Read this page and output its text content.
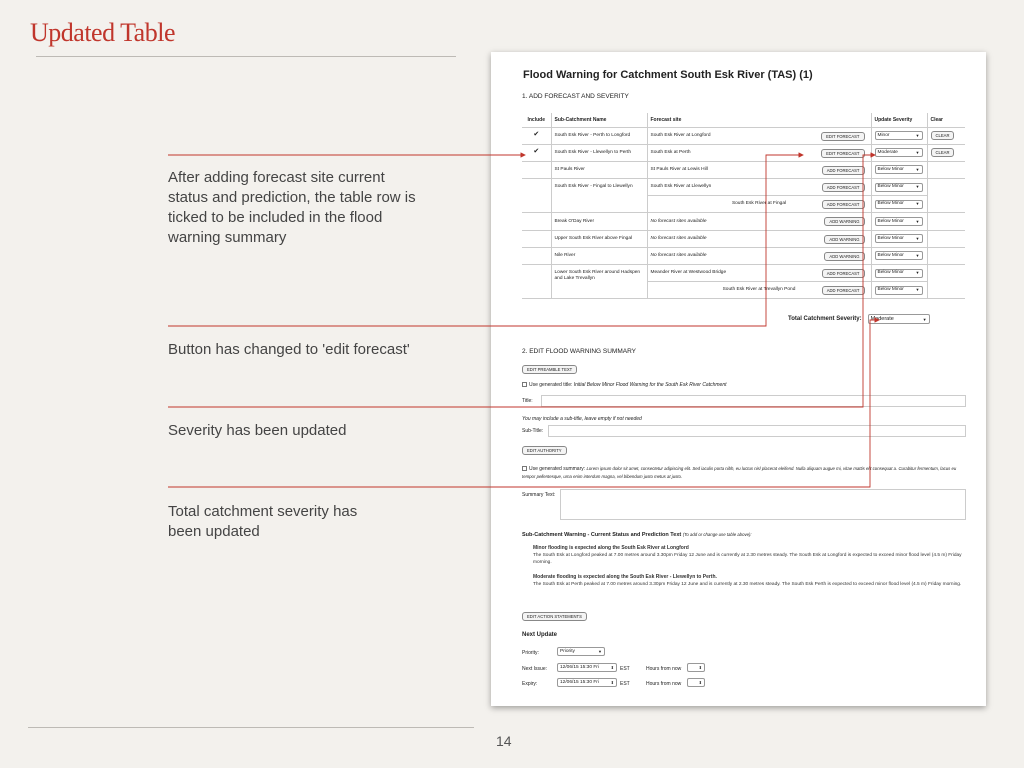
Updated Table
After adding forecast site current status and prediction, the table row is ticked to be included in the flood warning summary
Button has changed to 'edit forecast'
Severity has been updated
Total catchment severity has been updated
Flood Warning for Catchment South Esk River (TAS) (1)
1. ADD FORECAST AND SEVERITY
Include	Sub-Catchment Name	Forecast site	Update Severity	Clear
✔	South Esk River - Perth to Longford	South Esk River at Longford EDIT FORECAST	Minor ▼	CLEAR
✔	South Esk River - Llewellyn to Perth	South Esk at Perth EDIT FORECAST	Moderate ▼	CLEAR
	St Pauls River	St Pauls River at Lewis Hill ADD FORECAST	Below Minor ▼	

	South Esk River - Fingal to Llewellyn	South Esk River at Llewellyn ADD FORECAST	Below Minor ▼	

		South Esk River at Fingal ADD FORECAST	Below Minor ▼	

	Break O'Day River	No forecast sites available ADD WARNING	Below Minor ▼	

	Upper South Esk River above Fingal	No forecast sites available ADD WARNING	Below Minor ▼	

	Nile River	No forecast sites available ADD WARNING	Below Minor ▼	

	Lower South Esk River around Hadspen and Lake Trevallyn	Meander River at Westwood Bridge ADD FORECAST	Below Minor ▼	

		South Esk River at Trevallyn Pond ADD FORECAST	Below Minor ▼	
Total Catchment Severity: Moderate	▼
2. EDIT FLOOD WARNING SUMMARY
EDIT PREAMBLE TEXT
Use generated title: Initial Below Minor Flood Warning for the South Esk River Catchment
Title:
You may include a sub-title, leave empty if not needed
Sub-Title:
EDIT AUTHORITY
Use generated summary: Lorem ipsum dolor sit amet, consectetur adipiscing elit. Sed iaculis porta nibh, eu luctus nisl placerat eleifend. Nulla aliquam augue mi, vitae mattis elit consequat a. Curabitur fermentum, lacus eu tempor pellentesque, urna enim interdum magna, vel bibendum justo metus at justo.
Summary Text:
Sub-Catchment Warning - Current Status and Prediction Text (To add or change use table above):
Minor flooding is expected along the South Esk River at Longford
The South Esk at Longford peaked at 7.00 metres around 3.30pm Friday 12 June and is currently at 2.30 metres steady. The South Esk at Longford is expected to exceed minor flood level (4.5 m) Friday morning.
Moderate flooding is expected along the South Esk River - Llewellyn to Perth.
The South Esk at Perth peaked at 7.00 metres around 3.30pm Friday 12 June and is currently at 2.30 metres steady. The South Esk Perth is expected to exceed minor flood level (4.5 m) Friday morning.
EDIT ACTION STATEMENTS
Next Update
Priority:	Priority	▼
Next Issue:	12/06/15 15:30 Fri	⬍ EST	Hours from now	⬍
Expiry:	12/06/15 15:30 Fri	⬍ EST	Hours from now	⬍
14
